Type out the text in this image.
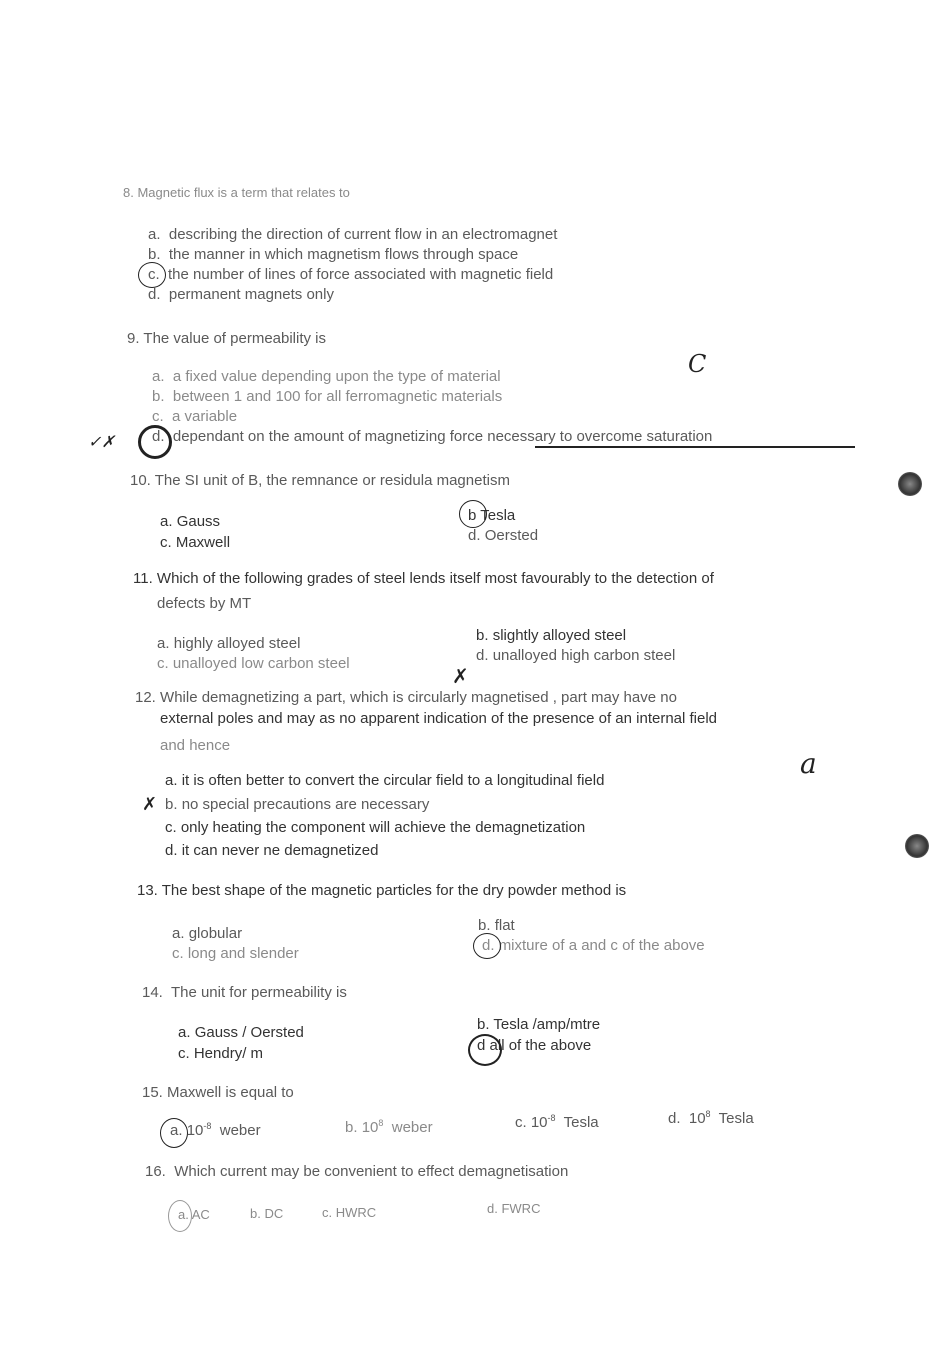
8. Magnetic flux is a term that relates to
a. describing the direction of current flow in an electromagnet
b. the manner in which magnetism flows through space
c. the number of lines of force associated with magnetic field
d. permanent magnets only
9. The value of permeability is
a. a fixed value depending upon the type of material
b. between 1 and 100 for all ferromagnetic materials
c. a variable
d. dependant on the amount of magnetizing force necessary to overcome saturation
C
✓✗
10. The SI unit of B, the remnance or residula magnetism
a. Gauss
c. Maxwell
b Tesla
d. Oersted
11. Which of the following grades of steel lends itself most favourably to the detection of
defects by MT
a. highly alloyed steel
c. unalloyed low carbon steel
b. slightly alloyed steel
d. unalloyed high carbon steel
✗
12. While demagnetizing a part, which is circularly magnetised , part may have no
external poles and may as no apparent indication of the presence of an internal field
and hence
a
a. it is often better to convert the circular field to a longitudinal field
b. no special precautions are necessary
c. only heating the component will achieve the demagnetization
d. it can never ne demagnetized
✗
13. The best shape of the magnetic particles for the dry powder method is
a. globular
c. long and slender
b. flat
d. mixture of a and c of the above
14. The unit for permeability is
a. Gauss / Oersted
c. Hendry/ m
b. Tesla /amp/mtre
d all of the above
15. Maxwell is equal to
a. $10^{-8}$ weber	b. $10^8$ weber	c. $10^{-8}$ Tesla	d. $10^8$ Tesla
16. Which current may be convenient to effect demagnetisation
a. AC	b. DC	c. HWRC	d. FWRC
